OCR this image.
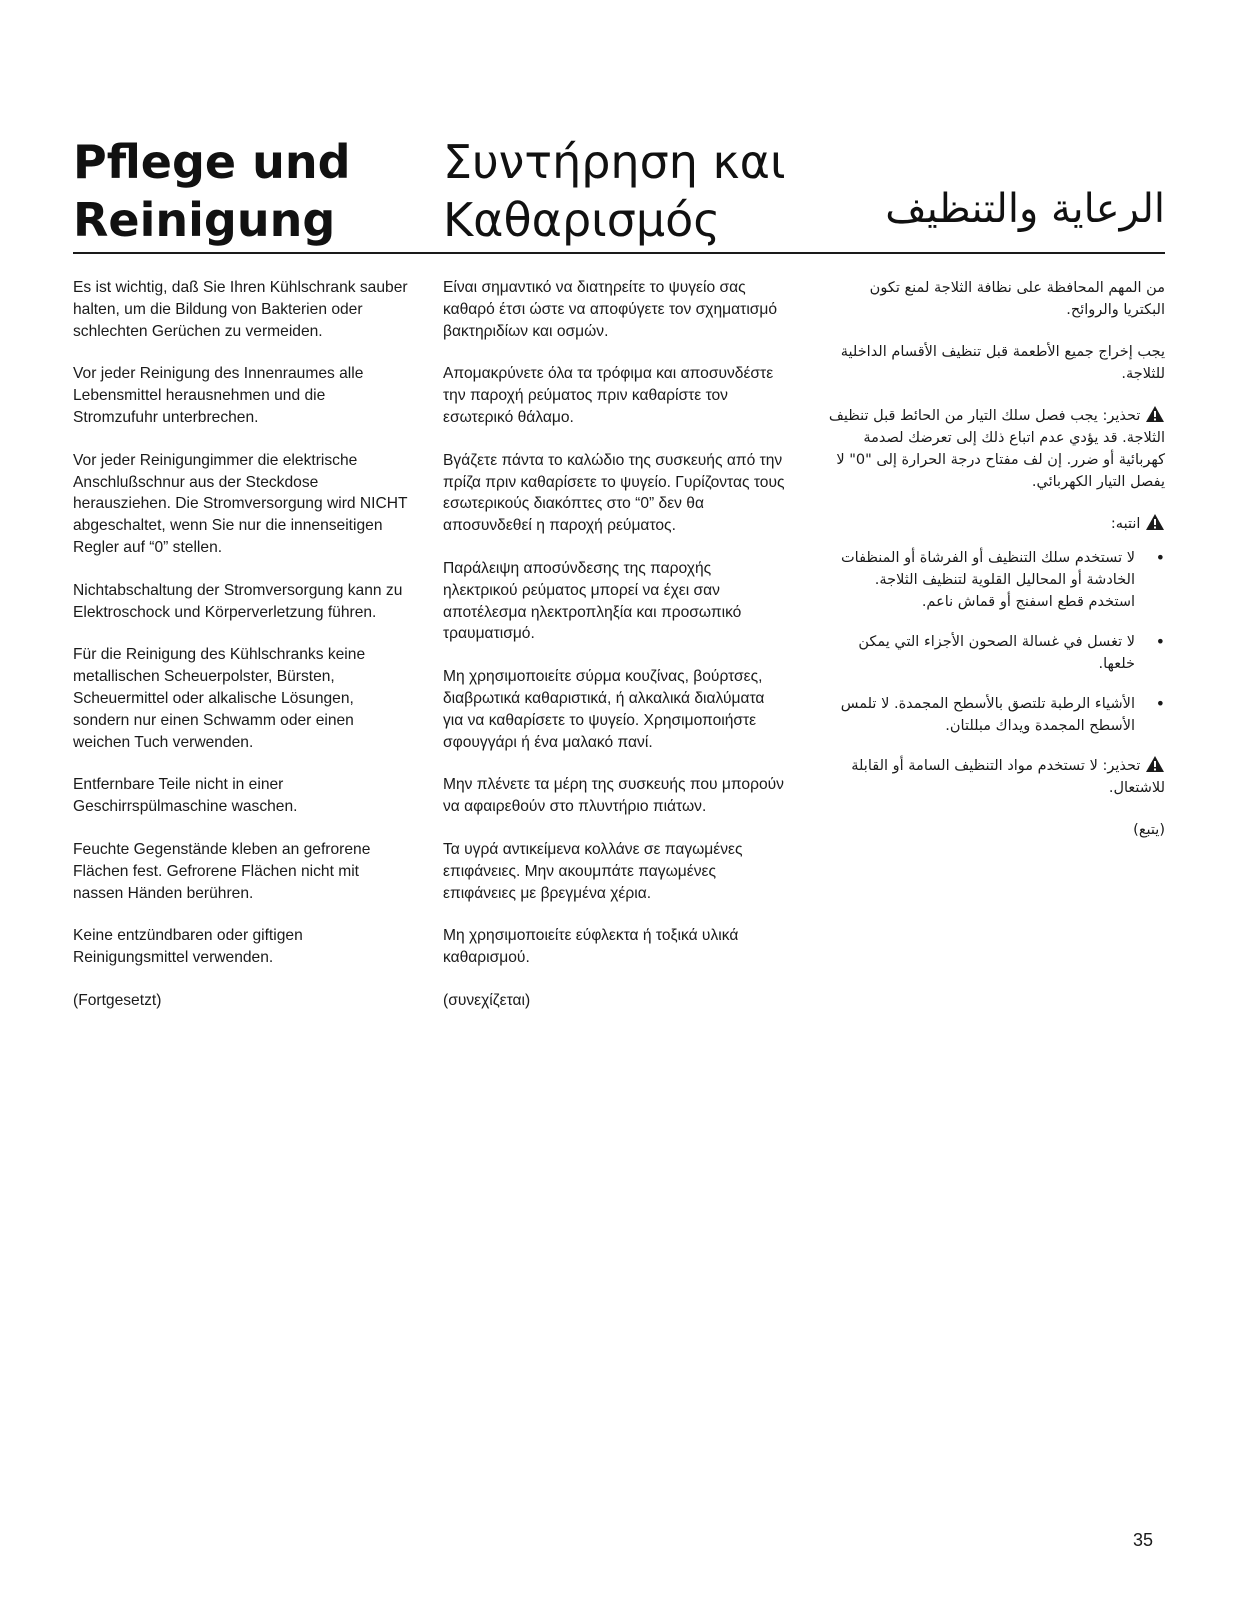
Pflege und
Reinigung
Συντήρηση και
Καθαρισμός	الرعاية والتنظيف

Es ist wichtig, daß Sie Ihren Kühlschrank sauber halten, um die Bildung von Bakterien oder schlechten Gerüchen zu vermeiden.

Vor jeder Reinigung des Innenraumes alle Lebensmittel herausnehmen und die Stromzufuhr unterbrechen.

Vor jeder Reinigungimmer die elektrische Anschlußschnur aus der Steckdose herausziehen. Die Stromversorgung wird NICHT abgeschaltet, wenn Sie nur die innenseitigen Regler auf “0” stellen.

Nichtabschaltung der Stromversorgung kann zu Elektroschock und Körperverletzung führen.

Für die Reinigung des Kühlschranks keine metallischen Scheuerpolster, Bürsten, Scheuermittel oder alkalische Lösungen, sondern nur einen Schwamm oder einen weichen Tuch verwenden.

Entfernbare Teile nicht in einer Geschirrspülmaschine waschen.

Feuchte Gegenstände kleben an gefrorene Flächen fest. Gefrorene Flächen nicht mit nassen Händen berühren.

Keine entzündbaren oder giftigen Reinigungsmittel verwenden.

(Fortgesetzt)

Είναι σημαντικό να διατηρείτε το ψυγείο σας καθαρό έτσι ώστε να αποφύγετε τον σχηματισμό βακτηριδίων και οσμών.

Απομακρύνετε όλα τα τρόφιμα και αποσυνδέστε την παροχή ρεύματος πριν καθαρίστε τον εσωτερικό θάλαμο.

Βγάζετε πάντα το καλώδιο της συσκευής από την πρίζα πριν καθαρίσετε το ψυγείο. Γυρίζοντας τους εσωτερικούς διακόπτες στο “0” δεν θα αποσυνδεθεί η παροχή ρεύματος.

Παράλειψη αποσύνδεσης της παροχής ηλεκτρικού ρεύματος μπορεί να έχει σαν αποτέλεσμα ηλεκτροπληξία και προσωπικό τραυματισμό.

Μη χρησιμοποιείτε σύρμα κουζίνας, βούρτσες, διαβρωτικά καθαριστικά, ή αλκαλικά διαλύματα για να καθαρίσετε το ψυγείο. Χρησιμοποιήστε σφουγγάρι ή ένα μαλακό πανί.

Μην πλένετε τα μέρη της συσκευής που μπορούν να αφαιρεθούν στο πλυντήριο πιάτων.

Τα υγρά αντικείμενα κολλάνε σε παγωμένες επιφάνειες. Μην ακουμπάτε παγωμένες επιφάνειες με βρεγμένα χέρια.

Μη χρησιμοποιείτε εύφλεκτα ή τοξικά υλικά καθαρισμού.

(συνεχίζεται)

من المهم المحافظة على نظافة الثلاجة لمنع تكون البكتريا والروائح.

يجب إخراج جميع الأطعمة قبل تنظيف الأقسام الداخلية للثلاجة.

تحذير: يجب فصل سلك التيار من الحائط قبل تنظيف الثلاجة. قد يؤدي عدم اتباع ذلك إلى تعرضك لصدمة كهربائية أو ضرر. إن لف مفتاح درجة الحرارة إلى "0" لا يفصل التيار الكهربائي.

انتبه:

• لا تستخدم سلك التنظيف أو الفرشاة أو المنظفات الخادشة أو المحاليل القلوية لتنظيف الثلاجة. استخدم قطع اسفنج أو قماش ناعم.
• لا تغسل في غسالة الصحون الأجزاء التي يمكن خلعها.
• الأشياء الرطبة تلتصق بالأسطح المجمدة. لا تلمس الأسطح المجمدة ويداك مبللتان.

تحذير: لا تستخدم مواد التنظيف السامة أو القابلة للاشتعال.

(يتبع)

35
